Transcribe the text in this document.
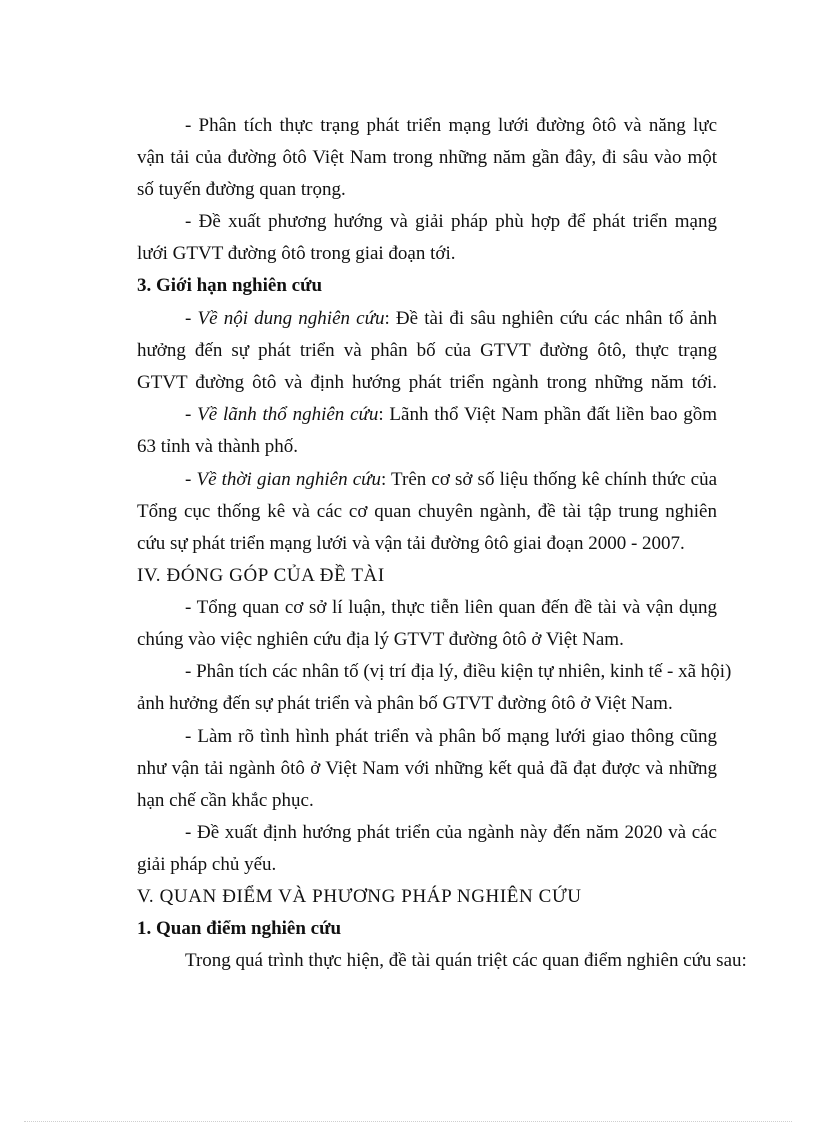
- Phân tích thực trạng phát triển mạng lưới đường ôtô và năng lực
vận tải của đường ôtô Việt Nam trong những năm gần đây, đi sâu vào một
số tuyến đường quan trọng.
- Đề xuất phương hướng và giải pháp phù hợp để phát triển mạng
lưới GTVT đường ôtô trong giai đoạn tới.
3. Giới hạn nghiên cứu
- Về nội dung nghiên cứu: Đề tài đi sâu nghiên cứu các nhân tố ảnh
hưởng đến sự phát triển và phân bố của GTVT đường ôtô, thực trạng
GTVT đường ôtô và định hướng phát triển ngành trong những năm tới.
- Về lãnh thổ nghiên cứu: Lãnh thổ Việt Nam phần đất liền bao gồm
63 tỉnh và thành phố.
- Về thời gian nghiên cứu: Trên cơ sở số liệu thống kê chính thức của
Tổng cục thống kê và các cơ quan chuyên ngành, đề tài tập trung nghiên
cứu sự phát triển mạng lưới và vận tải đường ôtô giai đoạn 2000 - 2007.
IV. ĐÓNG GÓP CỦA ĐỀ TÀI
- Tổng quan cơ sở lí luận, thực tiễn liên quan đến đề tài và vận dụng
chúng vào việc nghiên cứu địa lý GTVT đường ôtô ở Việt Nam.
- Phân tích các nhân tố (vị trí địa lý, điều kiện tự nhiên, kinh tế - xã hội)
ảnh hưởng đến sự phát triển và phân bố GTVT đường ôtô ở Việt Nam.
- Làm rõ tình hình phát triển và phân bố mạng lưới giao thông cũng
như vận tải ngành ôtô ở Việt Nam với những kết quả đã đạt được và những
hạn chế cần khắc phục.
- Đề xuất định hướng phát triển của ngành này đến năm 2020 và các
giải pháp chủ yếu.
V. QUAN ĐIỂM VÀ PHƯƠNG PHÁP NGHIÊN CỨU
1. Quan điểm nghiên cứu
Trong quá trình thực hiện, đề tài quán triệt các quan điểm nghiên cứu sau:
